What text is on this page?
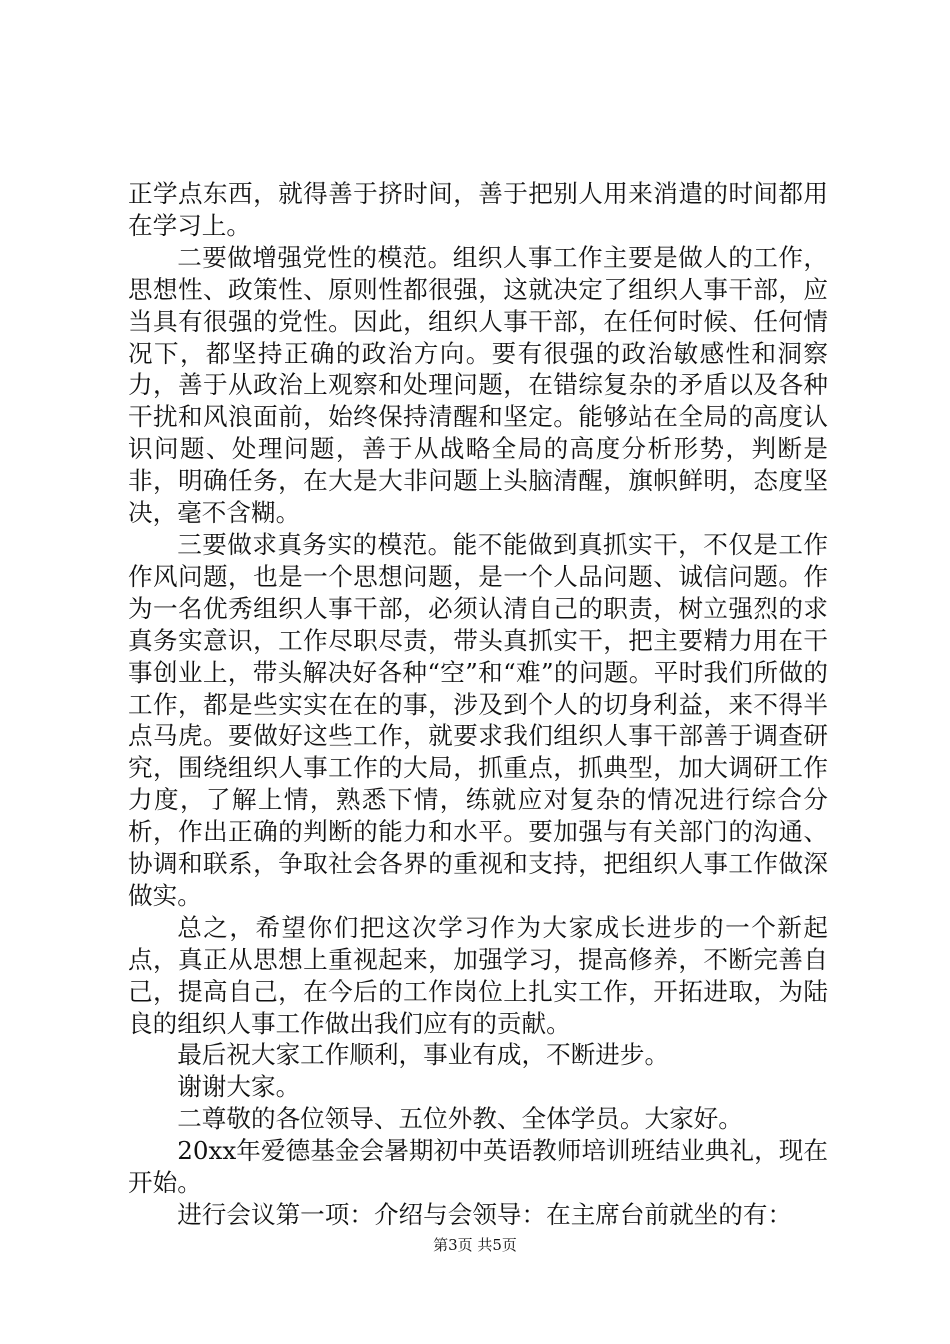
正学点东西，就得善于挤时间，善于把别人用来消遣的时间都用在学习上。

二要做增强党性的模范。组织人事工作主要是做人的工作，思想性、政策性、原则性都很强，这就决定了组织人事干部，应当具有很强的党性。因此，组织人事干部，在任何时候、任何情况下，都坚持正确的政治方向。要有很强的政治敏感性和洞察力，善于从政治上观察和处理问题，在错综复杂的矛盾以及各种干扰和风浪面前，始终保持清醒和坚定。能够站在全局的高度认识问题、处理问题，善于从战略全局的高度分析形势，判断是非，明确任务，在大是大非问题上头脑清醒，旗帜鲜明，态度坚决，毫不含糊。

三要做求真务实的模范。能不能做到真抓实干，不仅是工作作风问题，也是一个思想问题，是一个人品问题、诚信问题。作为一名优秀组织人事干部，必须认清自己的职责，树立强烈的求真务实意识，工作尽职尽责，带头真抓实干，把主要精力用在干事创业上，带头解决好各种“空”和“难”的问题。平时我们所做的工作，都是些实实在在的事，涉及到个人的切身利益，来不得半点马虎。要做好这些工作，就要求我们组织人事干部善于调查研究，围绕组织人事工作的大局，抓重点，抓典型，加大调研工作力度，了解上情，熟悉下情，练就应对复杂的情况进行综合分析，作出正确的判断的能力和水平。要加强与有关部门的沟通、协调和联系，争取社会各界的重视和支持，把组织人事工作做深做实。

总之，希望你们把这次学习作为大家成长进步的一个新起点，真正从思想上重视起来，加强学习，提高修养，不断完善自己，提高自己，在今后的工作岗位上扎实工作，开拓进取，为陆良的组织人事工作做出我们应有的贡献。

最后祝大家工作顺利，事业有成，不断进步。

谢谢大家。

二尊敬的各位领导、五位外教、全体学员。大家好。

20xx年爱德基金会暑期初中英语教师培训班结业典礼，现在开始。

进行会议第一项：介绍与会领导：在主席台前就坐的有：

第3页 共5页
